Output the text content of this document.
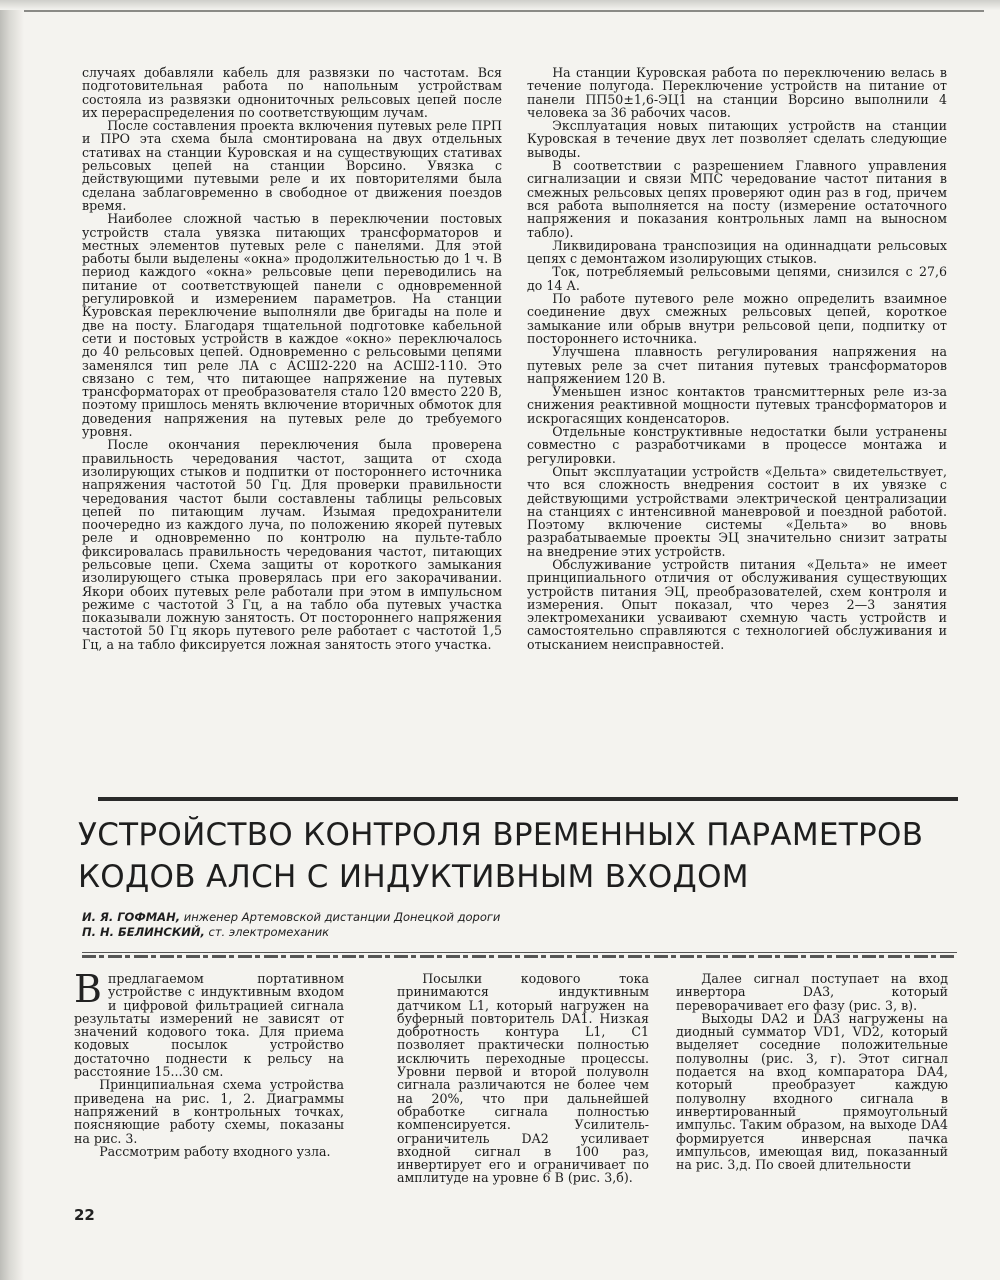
случаях добавляли кабель для развязки по частотам. Вся подготовительная работа по напольным устройствам состояла из развязки однониточных рельсовых цепей после их перераспределения по соответствующим лучам.

После составления проекта включения путевых реле ПРП и ПРО эта схема была смонтирована на двух отдельных стативах на станции Куровская и на существующих стативах рельсовых цепей на станции Ворсино. Увязка с действующими путевыми реле и их повторителями была сделана заблаговременно в свободное от движения поездов время.

Наиболее сложной частью в переключении постовых устройств стала увязка питающих трансформаторов и местных элементов путевых реле с панелями. Для этой работы были выделены «окна» продолжительностью до 1 ч. В период каждого «окна» рельсовые цепи переводились на питание от соответствующей панели с одновременной регулировкой и измерением параметров. На станции Куровская переключение выполняли две бригады на поле и две на посту. Благодаря тщательной подготовке кабельной сети и постовых устройств в каждое «окно» переключалось до 40 рельсовых цепей. Одновременно с рельсовыми цепями заменялся тип реле ЛА с АСШ2-220 на АСШ2-110. Это связано с тем, что питающее напряжение на путевых трансформаторах от преобразователя стало 120 вместо 220 В, поэтому пришлось менять включение вторичных обмоток для доведения напряжения на путевых реле до требуемого уровня.

После окончания переключения была проверена правильность чередования частот, защита от схода изолирующих стыков и подпитки от постороннего источника напряжения частотой 50 Гц. Для проверки правильности чередования частот были составлены таблицы рельсовых цепей по питающим лучам. Изымая предохранители поочередно из каждого луча, по положению якорей путевых реле и одновременно по контролю на пульте-табло фиксировалась правильность чередования частот, питающих рельсовые цепи. Схема защиты от короткого замыкания изолирующего стыка проверялась при его закорачивании. Якори обоих путевых реле работали при этом в импульсном режиме с частотой 3 Гц, а на табло оба путевых участка показывали ложную занятость. От постороннего напряжения частотой 50 Гц якорь путевого реле работает с частотой 1,5 Гц, а на табло фиксируется ложная занятость этого участка.

На станции Куровская работа по переключению велась в течение полугода. Переключение устройств на питание от панели ПП50±1,6-ЭЦ1 на станции Ворсино выполнили 4 человека за 36 рабочих часов.

Эксплуатация новых питающих устройств на станции Куровская в течение двух лет позволяет сделать следующие выводы.

В соответствии с разрешением Главного управления сигнализации и связи МПС чередование частот питания в смежных рельсовых цепях проверяют один раз в год, причем вся работа выполняется на посту (измерение остаточного напряжения и показания контрольных ламп на выносном табло).

Ликвидирована транспозиция на одиннадцати рельсовых цепях с демонтажом изолирующих стыков.

Ток, потребляемый рельсовыми цепями, снизился с 27,6 до 14 А.

По работе путевого реле можно определить взаимное соединение двух смежных рельсовых цепей, короткое замыкание или обрыв внутри рельсовой цепи, подпитку от постороннего источника.

Улучшена плавность регулирования напряжения на путевых реле за счет питания путевых трансформаторов напряжением 120 В.

Уменьшен износ контактов трансмиттерных реле из-за снижения реактивной мощности путевых трансформаторов и искрогасящих конденсаторов.

Отдельные конструктивные недостатки были устранены совместно с разработчиками в процессе монтажа и регулировки.

Опыт эксплуатации устройств «Дельта» свидетельствует, что вся сложность внедрения состоит в их увязке с действующими устройствами электрической централизации на станциях с интенсивной маневровой и поездной работой. Поэтому включение системы «Дельта» во вновь разрабатываемые проекты ЭЦ значительно снизит затраты на внедрение этих устройств.

Обслуживание устройств питания «Дельта» не имеет принципиального отличия от обслуживания существующих устройств питания ЭЦ, преобразователей, схем контроля и измерения. Опыт показал, что через 2—3 занятия электромеханики усваивают схемную часть устройств и самостоятельно справляются с технологией обслуживания и отысканием неисправностей.

УСТРОЙСТВО КОНТРОЛЯ ВРЕМЕННЫХ ПАРАМЕТРОВ
КОДОВ АЛСН С ИНДУКТИВНЫМ ВХОДОМ
И. Я. ГОФМАН, инженер Артемовской дистанции Донецкой дороги
П. Н. БЕЛИНСКИЙ, ст. электромеханик

Впредлагаемом портативном устройстве с индуктивным входом и цифровой фильтрацией сигнала результаты измерений не зависят от значений кодового тока. Для приема кодовых посылок устройство достаточно поднести к рельсу на расстояние 15...30 см.

Принципиальная схема устройства приведена на рис. 1, 2. Диаграммы напряжений в контрольных точках, поясняющие работу схемы, показаны на рис. 3.

Рассмотрим работу входного узла.

Посылки кодового тока принимаются индуктивным датчиком L1, который нагружен на буферный повторитель DA1. Низкая добротность контура L1, C1 позволяет практически полностью исключить переходные процессы. Уровни первой и второй полуволн сигнала различаются не более чем на 20%, что при дальнейшей обработке сигнала полностью компенсируется. Усилитель-ограничитель DA2 усиливает входной сигнал в 100 раз, инвертирует его и ограничивает по амплитуде на уровне 6 В (рис. 3,б).

Далее сигнал поступает на вход инвертора DA3, который переворачивает его фазу (рис. 3, в).

Выходы DA2 и DA3 нагружены на диодный сумматор VD1, VD2, который выделяет соседние положительные полуволны (рис. 3, г). Этот сигнал подается на вход компаратора DA4, который преобразует каждую полуволну входного сигнала в инвертированный прямоугольный импульс. Таким образом, на выходе DA4 формируется инверсная пачка импульсов, имеющая вид, показанный на рис. 3,д. По своей длительности

22
